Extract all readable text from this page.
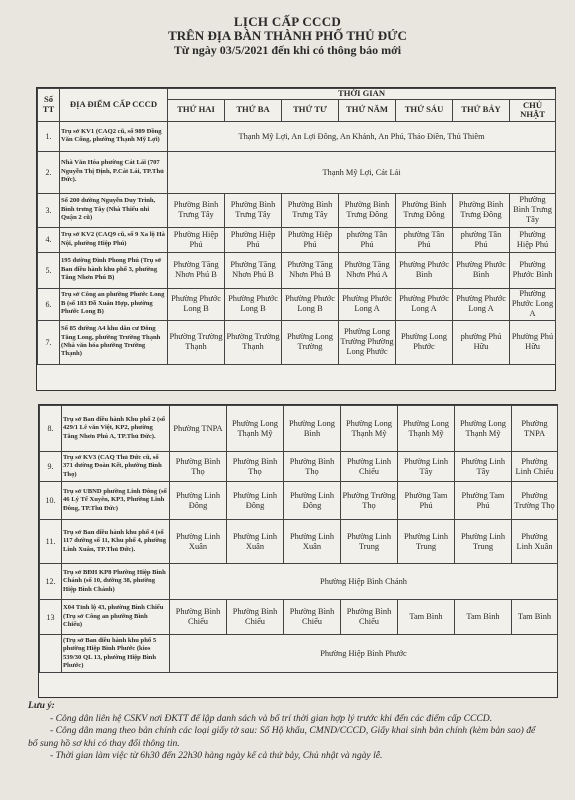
LỊCH CẤP CCCD
TRÊN ĐỊA BÀN THÀNH PHỐ THỦ ĐỨC
Từ ngày 03/5/2021 đến khi có thông báo mới
Số TT	ĐỊA ĐIỂM CẤP CCCD	THỜI GIAN						
		THỨ HAI	THỨ BA	THỨ TƯ	THỨ NĂM	THỨ SÁU	THỨ BẢY	CHỦ NHẬT
1.	Trụ sở KV1 (CAQ2 cũ, số 989 Đồng Văn Cống, phường Thạnh Mỹ Lợi)	Thạnh Mỹ Lợi, An Lợi Đông, An Khánh, An Phú, Thảo Điền, Thủ Thiêm						
2.	Nhà Văn Hóa phường Cát Lái (707 Nguyễn Thị Định, P.Cát Lái, TP.Thủ Đức).	Thạnh Mỹ Lợi, Cát Lái						
3.	Số 200 đường Nguyễn Duy Trinh, Bình trưng Tây (Nhà Thiếu nhi Quận 2 cũ)	Phường Bình Trưng Tây	Phường Bình Trưng Tây	Phường Bình Trưng Tây	Phường Bình Trưng Đông	Phường Bình Trưng Đông	Phường Bình Trưng Đông	Phường Bình Trưng Tây
4.	Trụ sở KV2 (CAQ9 cũ, số 9 Xa lộ Hà Nội, phường Hiệp Phú)	Phường Hiệp Phú	Phường Hiệp Phú	Phường Hiệp Phú	phường Tân Phú	phường Tân Phú	phường Tân Phú	Phường Hiệp Phú
5.	195 đường Đình Phong Phú (Trụ sở Ban điều hành khu phố 3, phường Tăng Nhơn Phú B)	Phường Tăng Nhơn Phú B	Phường Tăng Nhơn Phú B	Phường Tăng Nhơn Phú B	Phường Tăng Nhơn Phú A	Phường Phước Bình	Phường Phước Bình	Phường Phước Bình
6.	Trụ sở Công an phường Phước Long B (số 183 Đỗ Xuân Hợp, phường Phước Long B)	Phường Phước Long B	Phường Phước Long B	Phường Phước Long B	Phường Phước Long A	Phường Phước Long A	Phường Phước Long A	Phường Phước Long A
7.	Số 85 đường A4 khu dân cư Đông Tăng Long, phường Trường Thạnh (Nhà văn hóa phường Trường Thạnh)	Phường Trường Thạnh	Phường Trường Thạnh	Phường Long Trường	Phường Long Trường Phường Long Phước	Phường Long Phước	phường Phú Hữu	Phường Phú Hữu
8.	Trụ sở Ban điều hành Khu phố 2 (số 429/1 Lê văn Việt, KP2, phường Tăng Nhơn Phú A, TP.Thủ Đức).	Phường TNPA	Phường Long Thạnh Mỹ	Phường Long Bình	Phường Long Thạnh Mỹ	Phường Long Thạnh Mỹ	Phường Long Thạnh Mỹ	Phường TNPA
9.	Trụ sở KV3 (CAQ Thủ Đức cũ, số 371 đường Đoàn Kết, phường Bình Thọ)	Phường Bình Thọ	Phường Bình Thọ	Phường Bình Thọ	Phường Linh Chiểu	Phường Linh Tây	Phường Linh Tây	Phường Linh Chiểu
10.	Trụ sở UBND phường Linh Đông (số 46 Lý Tế Xuyên, KP3, Phường Linh Đông, TP.Thủ Đức)	Phường Linh Đông	Phường Linh Đông	Phường Linh Đông	Phường Trường Thọ	Phường Tam Phú	Phường Tam Phú	Phường Trường Thọ
11.	Trụ sở Ban điều hành khu phố 4 (số 117 đường số 11, Khu phố 4, phường Linh Xuân, TP.Thủ Đức).	Phường Linh Xuân	Phường Linh Xuân	Phường Linh Xuân	Phường Linh Trung	Phường Linh Trung	Phường Linh Trung	Phường Linh Xuân
12.	Trụ sở BĐH KP8 Phường Hiệp Bình Chánh (số 10, đường 38, phường Hiệp Bình Chánh)	Phường Hiệp Bình Chánh						
13	X04 Tỉnh lộ 43, phường Bình Chiểu (Trụ sở Công an phường Bình Chiểu)	Phường Bình Chiểu	Phường Bình Chiểu	Phường Bình Chiểu	Phường Bình Chiểu	Tam Bình	Tam Bình	Tam Bình
	(Trụ sở Ban điều hành khu phố 5 phường Hiệp Bình Phước (kios 539/30 QL 13, phường Hiệp Bình Phước)	Phường Hiệp Bình Phước						
Lưu ý:

- Công dân liên hệ CSKV nơi ĐKTT để lập danh sách và bố trí thời gian hợp lý trước khi đến các điểm cấp CCCD.

- Công dân mang theo bản chính các loại giấy tờ sau: Sổ Hộ khẩu, CMND/CCCD, Giấy khai sinh bản chính (kèm bản sao) để bổ sung hồ sơ khi có thay đổi thông tin.

- Thời gian làm việc từ 6h30 đến 22h30 hàng ngày kể cả thứ bảy, Chủ nhật và ngày lễ.
